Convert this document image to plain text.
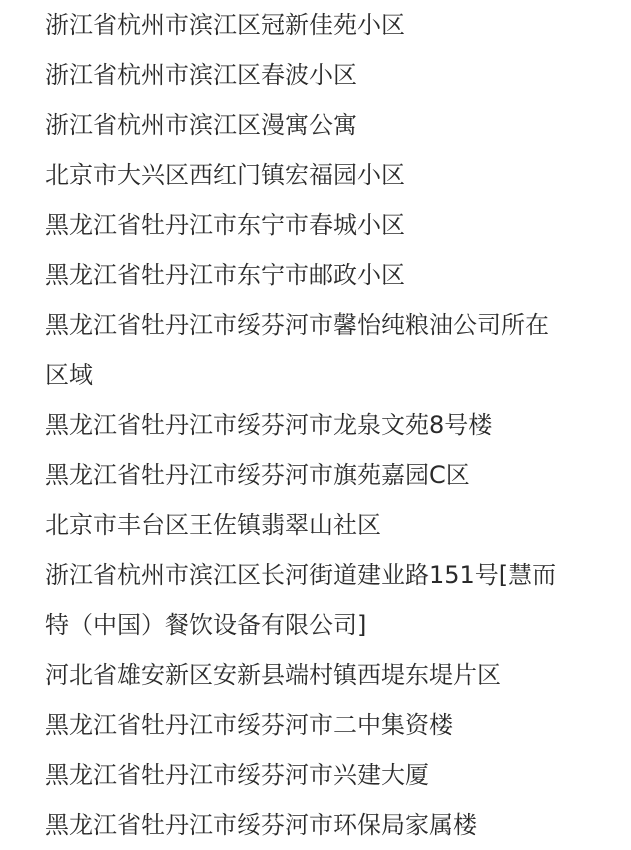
浙江省杭州市滨江区冠新佳苑小区
浙江省杭州市滨江区春波小区
浙江省杭州市滨江区漫寓公寓
北京市大兴区西红门镇宏福园小区
黑龙江省牡丹江市东宁市春城小区
黑龙江省牡丹江市东宁市邮政小区
黑龙江省牡丹江市绥芬河市馨怡纯粮油公司所在
区域
黑龙江省牡丹江市绥芬河市龙泉文苑8号楼
黑龙江省牡丹江市绥芬河市旗苑嘉园C区
北京市丰台区王佐镇翡翠山社区
浙江省杭州市滨江区长河街道建业路151号[慧而
特（中国）餐饮设备有限公司]
河北省雄安新区安新县端村镇西堤东堤片区
黑龙江省牡丹江市绥芬河市二中集资楼
黑龙江省牡丹江市绥芬河市兴建大厦
黑龙江省牡丹江市绥芬河市环保局家属楼
